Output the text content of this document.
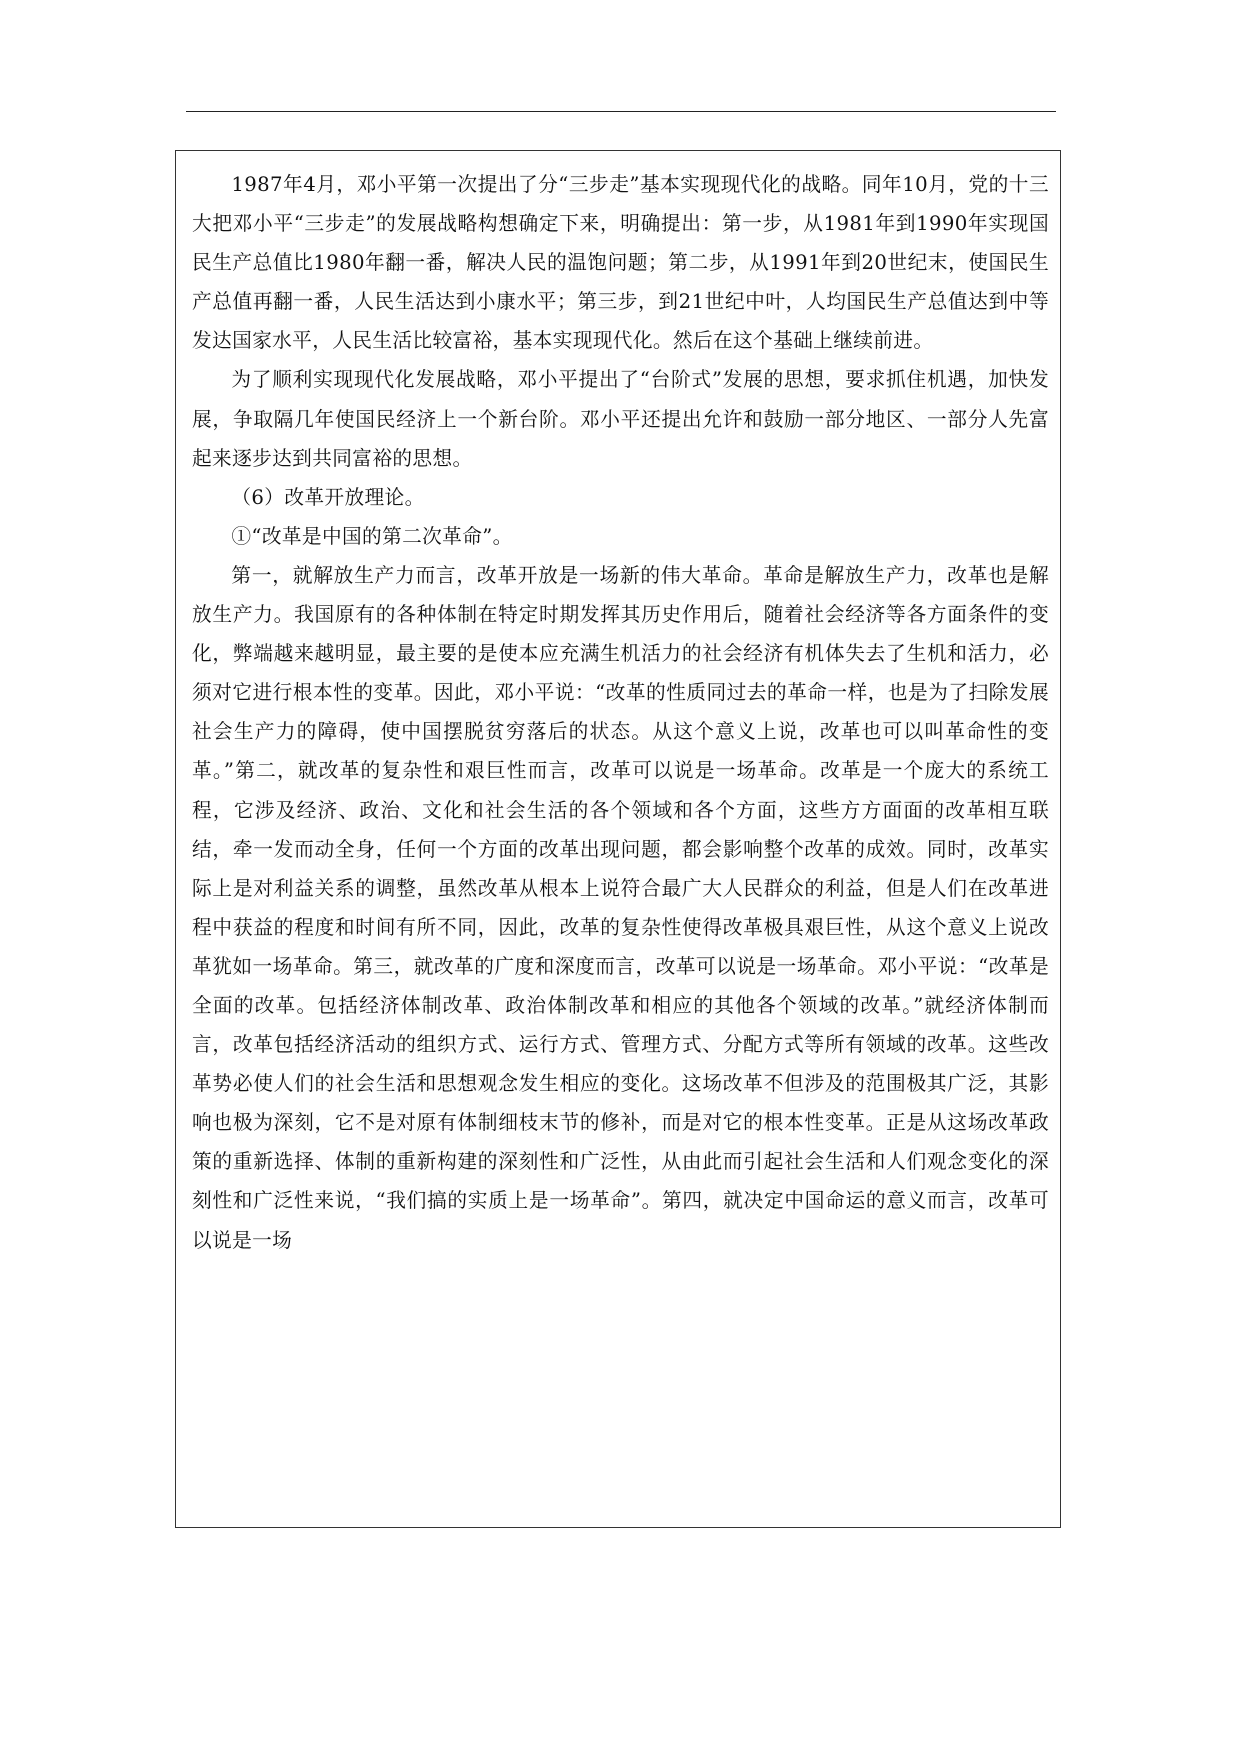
1987年4月，邓小平第一次提出了分“三步走”基本实现现代化的战略。同年10月，党的十三大把邓小平“三步走”的发展战略构想确定下来，明确提出：第一步，从1981年到1990年实现国民生产总值比1980年翻一番，解决人民的温饱问题；第二步，从1991年到20世纪末，使国民生产总值再翻一番，人民生活达到小康水平；第三步，到21世纪中叶，人均国民生产总值达到中等发达国家水平，人民生活比较富裕，基本实现现代化。然后在这个基础上继续前进。

为了顺利实现现代化发展战略，邓小平提出了“台阶式”发展的思想，要求抓住机遇，加快发展，争取隔几年使国民经济上一个新台阶。邓小平还提出允许和鼓励一部分地区、一部分人先富起来逐步达到共同富裕的思想。

（6）改革开放理论。

①“改革是中国的第二次革命”。

第一，就解放生产力而言，改革开放是一场新的伟大革命。革命是解放生产力，改革也是解放生产力。我国原有的各种体制在特定时期发挥其历史作用后，随着社会经济等各方面条件的变化，弊端越来越明显，最主要的是使本应充满生机活力的社会经济有机体失去了生机和活力，必须对它进行根本性的变革。因此，邓小平说：“改革的性质同过去的革命一样，也是为了扫除发展社会生产力的障碍，使中国摆脱贫穷落后的状态。从这个意义上说，改革也可以叫革命性的变革。”第二，就改革的复杂性和艰巨性而言，改革可以说是一场革命。改革是一个庞大的系统工程，它涉及经济、政治、文化和社会生活的各个领域和各个方面，这些方方面面的改革相互联结，牵一发而动全身，任何一个方面的改革出现问题，都会影响整个改革的成效。同时，改革实际上是对利益关系的调整，虽然改革从根本上说符合最广大人民群众的利益，但是人们在改革进程中获益的程度和时间有所不同，因此，改革的复杂性使得改革极具艰巨性，从这个意义上说改革犹如一场革命。第三，就改革的广度和深度而言，改革可以说是一场革命。邓小平说：“改革是全面的改革。包括经济体制改革、政治体制改革和相应的其他各个领域的改革。”就经济体制而言，改革包括经济活动的组织方式、运行方式、管理方式、分配方式等所有领域的改革。这些改革势必使人们的社会生活和思想观念发生相应的变化。这场改革不但涉及的范围极其广泛，其影响也极为深刻，它不是对原有体制细枝末节的修补，而是对它的根本性变革。正是从这场改革政策的重新选择、体制的重新构建的深刻性和广泛性，从由此而引起社会生活和人们观念变化的深刻性和广泛性来说，“我们搞的实质上是一场革命”。第四，就决定中国命运的意义而言，改革可以说是一场
